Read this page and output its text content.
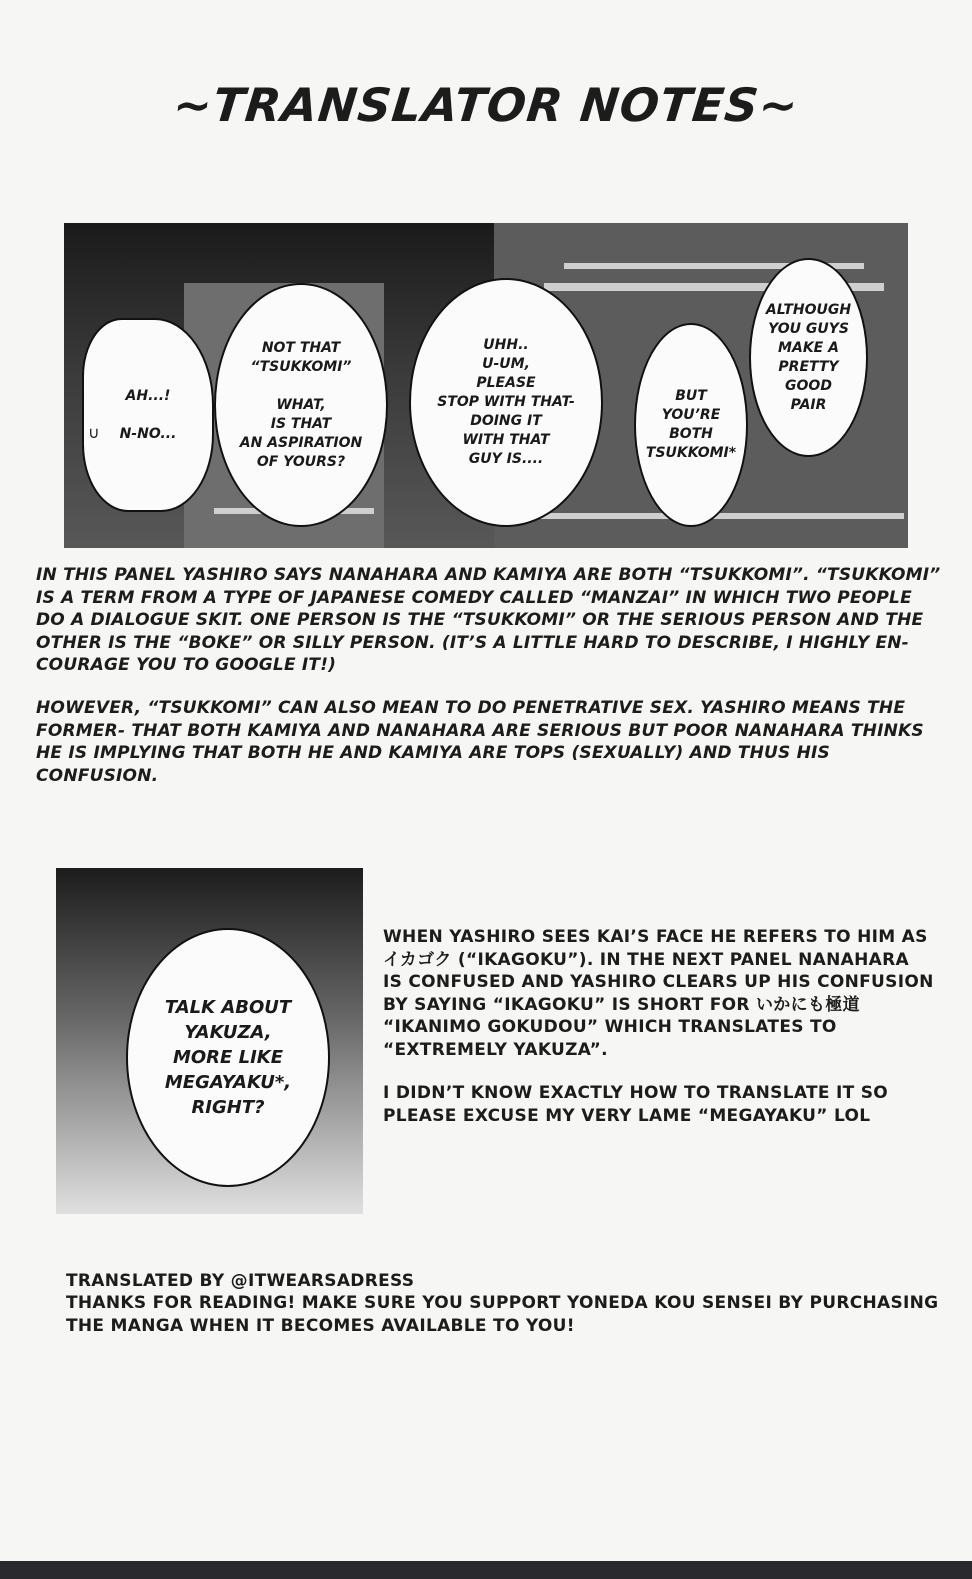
~TRANSLATOR NOTES~
AH...!

N-NO...
NOT THAT
“TSUKKOMI”

WHAT,
IS THAT
AN ASPIRATION
OF YOURS?
UHH..
U-UM,
PLEASE
STOP WITH THAT-
DOING IT
WITH THAT
GUY IS....
BUT
YOU’RE
BOTH
TSUKKOMI*
ALTHOUGH
YOU GUYS
MAKE A
PRETTY
GOOD
PAIR
∪
IN THIS PANEL YASHIRO SAYS NANAHARA AND KAMIYA ARE BOTH “TSUKKOMI”. “TSUKKOMI”
IS A TERM FROM A TYPE OF JAPANESE COMEDY CALLED “MANZAI” IN WHICH TWO PEOPLE
DO A DIALOGUE SKIT. ONE PERSON IS THE “TSUKKOMI” OR THE SERIOUS PERSON AND THE
OTHER IS THE “BOKE” OR SILLY PERSON. (IT’S A LITTLE HARD TO DESCRIBE, I HIGHLY EN-
COURAGE YOU TO GOOGLE IT!)
HOWEVER, “TSUKKOMI” CAN ALSO MEAN TO DO PENETRATIVE SEX. YASHIRO MEANS THE
FORMER- THAT BOTH KAMIYA AND NANAHARA ARE SERIOUS BUT POOR NANAHARA THINKS
HE IS IMPLYING THAT BOTH HE AND KAMIYA ARE TOPS (SEXUALLY) AND THUS HIS CONFUSION.
TALK ABOUT
YAKUZA,
MORE LIKE
MEGAYAKU*,
RIGHT?
WHEN YASHIRO SEES KAI’S FACE HE REFERS TO HIM AS
イカゴク (“IKAGOKU”). IN THE NEXT PANEL NANAHARA
IS CONFUSED AND YASHIRO CLEARS UP HIS CONFUSION
BY SAYING “IKAGOKU” IS SHORT FOR いかにも極道
“IKANIMO GOKUDOU” WHICH TRANSLATES TO
“EXTREMELY YAKUZA”.
I DIDN’T KNOW EXACTLY HOW TO TRANSLATE IT SO
PLEASE EXCUSE MY VERY LAME “MEGAYAKU” LOL
TRANSLATED BY @ITWEARSADRESS
THANKS FOR READING! MAKE SURE YOU SUPPORT YONEDA KOU SENSEI BY PURCHASING
THE MANGA WHEN IT BECOMES AVAILABLE TO YOU!
